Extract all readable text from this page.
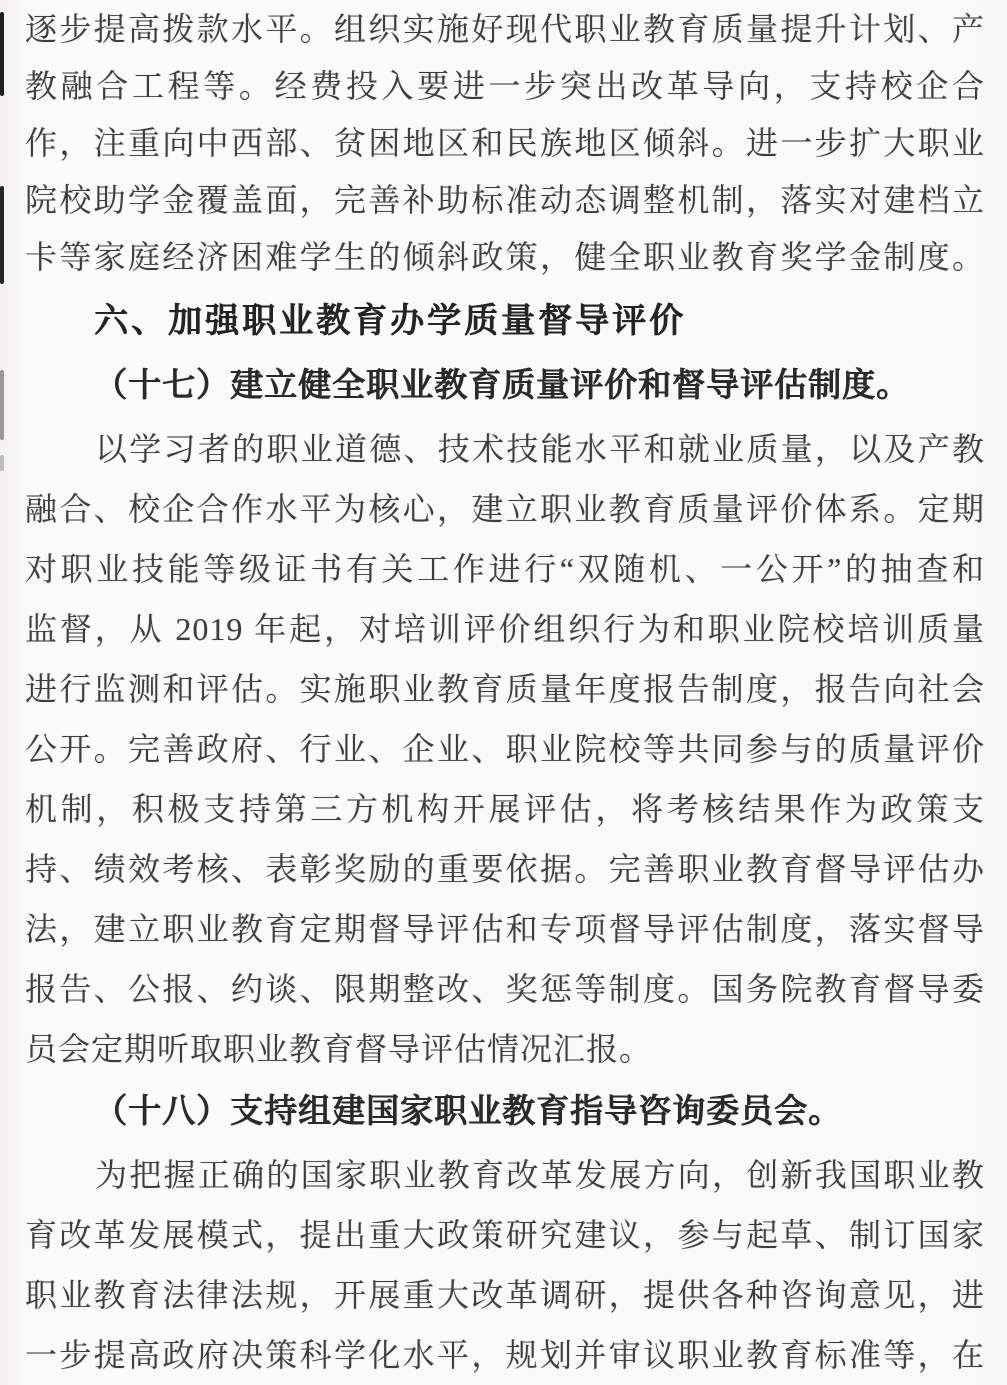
逐步提高拨款水平。组织实施好现代职业教育质量提升计划、产
教融合工程等。经费投入要进一步突出改革导向，支持校企合
作，注重向中西部、贫困地区和民族地区倾斜。进一步扩大职业
院校助学金覆盖面，完善补助标准动态调整机制，落实对建档立
卡等家庭经济困难学生的倾斜政策，健全职业教育奖学金制度。
六、加强职业教育办学质量督导评价
（十七）建立健全职业教育质量评价和督导评估制度。
以学习者的职业道德、技术技能水平和就业质量，以及产教
融合、校企合作水平为核心，建立职业教育质量评价体系。定期
对职业技能等级证书有关工作进行“双随机、一公开”的抽查和
监督，从 2019 年起，对培训评价组织行为和职业院校培训质量
进行监测和评估。实施职业教育质量年度报告制度，报告向社会
公开。完善政府、行业、企业、职业院校等共同参与的质量评价
机制，积极支持第三方机构开展评估，将考核结果作为政策支
持、绩效考核、表彰奖励的重要依据。完善职业教育督导评估办
法，建立职业教育定期督导评估和专项督导评估制度，落实督导
报告、公报、约谈、限期整改、奖惩等制度。国务院教育督导委
员会定期听取职业教育督导评估情况汇报。
（十八）支持组建国家职业教育指导咨询委员会。
为把握正确的国家职业教育改革发展方向，创新我国职业教
育改革发展模式，提出重大政策研究建议，参与起草、制订国家
职业教育法律法规，开展重大改革调研，提供各种咨询意见，进
一步提高政府决策科学化水平，规划并审议职业教育标准等，在
